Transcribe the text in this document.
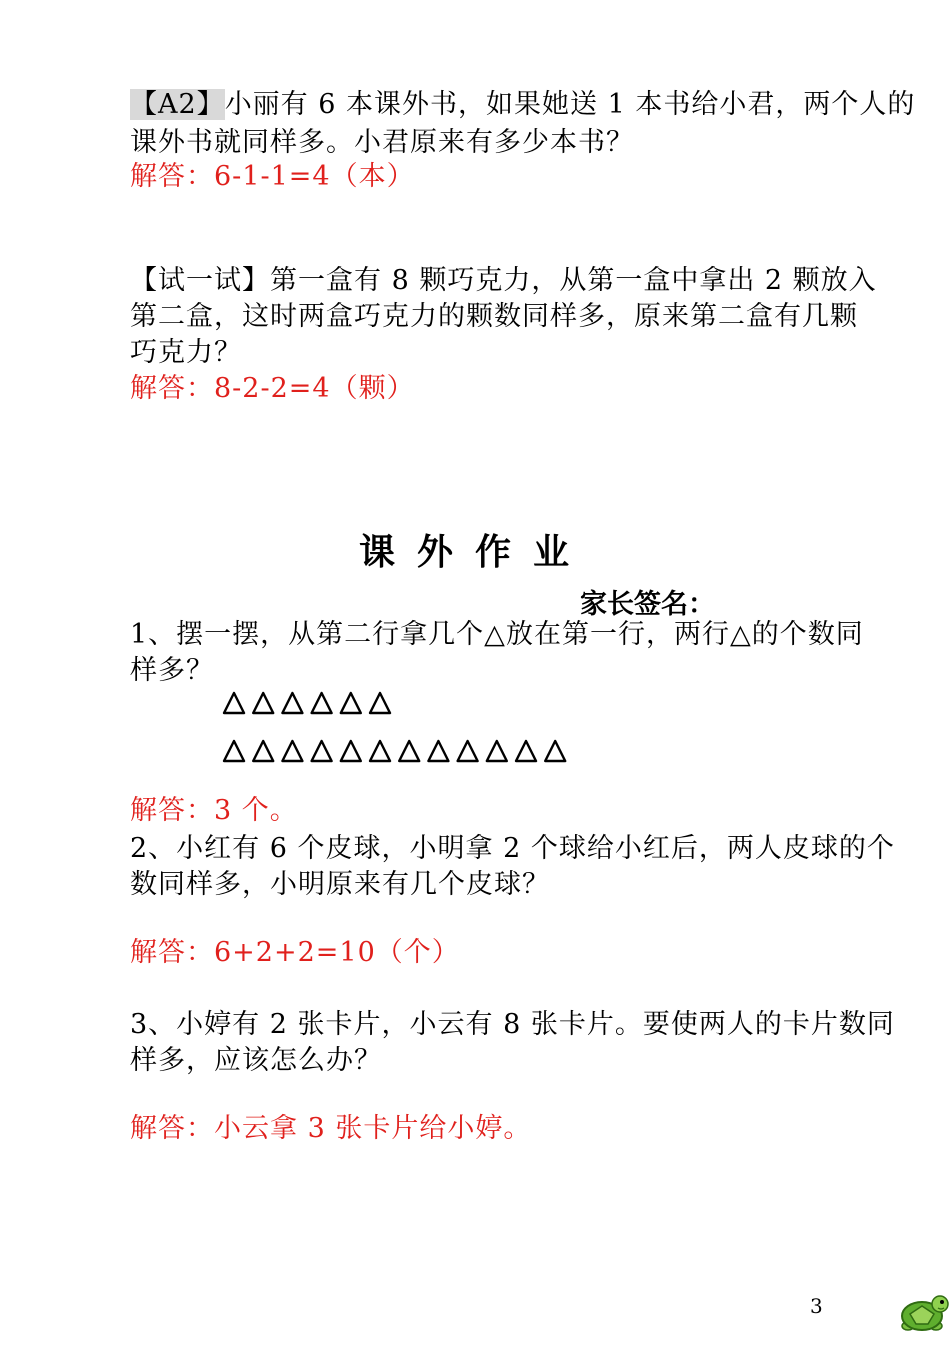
【A2】小丽有 6 本课外书，如果她送 1 本书给小君，两个人的
课外书就同样多。小君原来有多少本书？
解答：6-1-1=4（本）
【试一试】第一盒有 8 颗巧克力，从第一盒中拿出 2 颗放入
第二盒，这时两盒巧克力的颗数同样多，原来第二盒有几颗
巧克力？
解答：8-2-2=4（颗）
课外作业
家长签名：
1、摆一摆，从第二行拿几个△放在第一行，两行△的个数同
样多？
解答：3 个。
2、小红有 6 个皮球，小明拿 2 个球给小红后，两人皮球的个
数同样多，小明原来有几个皮球？
解答：6+2+2=10（个）
3、小婷有 2 张卡片，小云有 8 张卡片。要使两人的卡片数同
样多，应该怎么办？
解答：小云拿 3 张卡片给小婷。
3
